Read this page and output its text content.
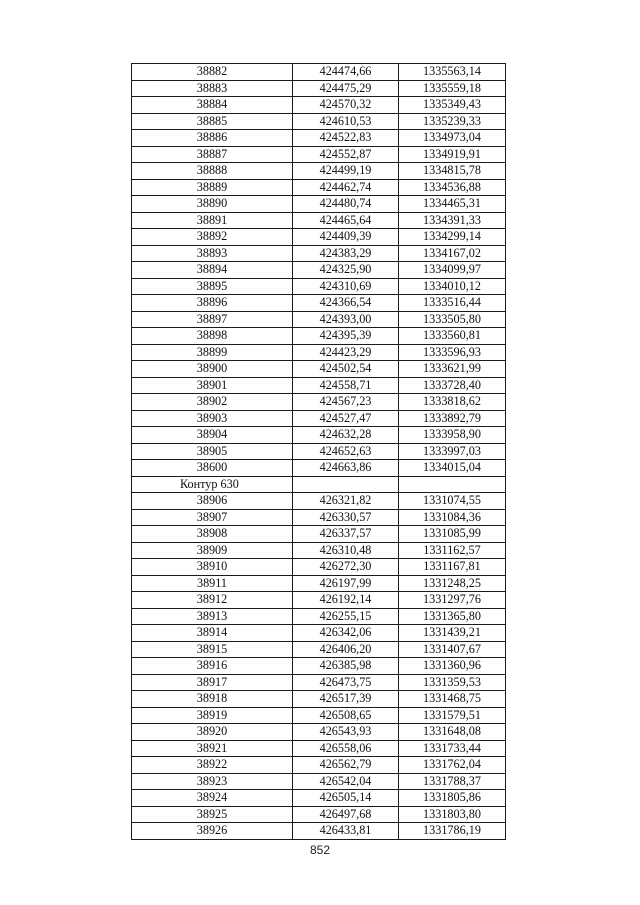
38882	424474,66	1335563,14
38883	424475,29	1335559,18
38884	424570,32	1335349,43
38885	424610,53	1335239,33
38886	424522,83	1334973,04
38887	424552,87	1334919,91
38888	424499,19	1334815,78
38889	424462,74	1334536,88
38890	424480,74	1334465,31
38891	424465,64	1334391,33
38892	424409,39	1334299,14
38893	424383,29	1334167,02
38894	424325,90	1334099,97
38895	424310,69	1334010,12
38896	424366,54	1333516,44
38897	424393,00	1333505,80
38898	424395,39	1333560,81
38899	424423,29	1333596,93
38900	424502,54	1333621,99
38901	424558,71	1333728,40
38902	424567,23	1333818,62
38903	424527,47	1333892,79
38904	424632,28	1333958,90
38905	424652,63	1333997,03
38600	424663,86	1334015,04
Контур 630		
38906	426321,82	1331074,55
38907	426330,57	1331084,36
38908	426337,57	1331085,99
38909	426310,48	1331162,57
38910	426272,30	1331167,81
38911	426197,99	1331248,25
38912	426192,14	1331297,76
38913	426255,15	1331365,80
38914	426342,06	1331439,21
38915	426406,20	1331407,67
38916	426385,98	1331360,96
38917	426473,75	1331359,53
38918	426517,39	1331468,75
38919	426508,65	1331579,51
38920	426543,93	1331648,08
38921	426558,06	1331733,44
38922	426562,79	1331762,04
38923	426542,04	1331788,37
38924	426505,14	1331805,86
38925	426497,68	1331803,80
38926	426433,81	1331786,19
852
